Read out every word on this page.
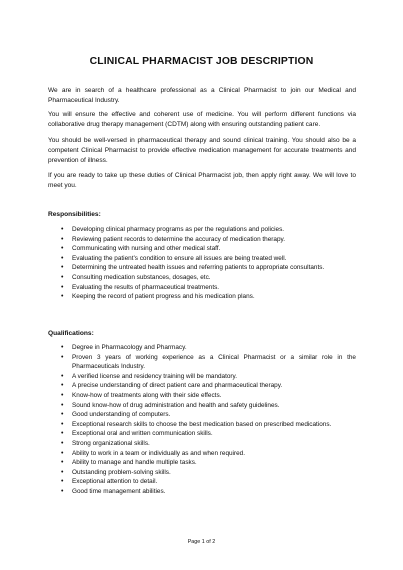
CLINICAL PHARMACIST JOB DESCRIPTION

We are in search of a healthcare professional as a Clinical Pharmacist to join our Medical and Pharmaceutical Industry.

You will ensure the effective and coherent use of medicine. You will perform different functions via collaborative drug therapy management (CDTM) along with ensuring outstanding patient care.

You should be well-versed in pharmaceutical therapy and sound clinical training. You should also be a competent Clinical Pharmacist to provide effective medication management for accurate treatments and prevention of illness.

If you are ready to take up these duties of Clinical Pharmacist job, then apply right away. We will love to meet you.

Responsibilities:

• Developing clinical pharmacy programs as per the regulations and policies.
• Reviewing patient records to determine the accuracy of medication therapy.
• Communicating with nursing and other medical staff.
• Evaluating the patient’s condition to ensure all issues are being treated well.
• Determining the untreated health issues and referring patients to appropriate consultants.
• Consulting medication substances, dosages, etc.
• Evaluating the results of pharmaceutical treatments.
• Keeping the record of patient progress and his medication plans.

Qualifications:

• Degree in Pharmacology and Pharmacy.
• Proven 3 years of working experience as a Clinical Pharmacist or a similar role in the Pharmaceuticals Industry.
• A verified license and residency training will be mandatory.
• A precise understanding of direct patient care and pharmaceutical therapy.
• Know-how of treatments along with their side effects.
• Sound know-how of drug administration and health and safety guidelines.
• Good understanding of computers.
• Exceptional research skills to choose the best medication based on prescribed medications.
• Exceptional oral and written communication skills.
• Strong organizational skills.
• Ability to work in a team or individually as and when required.
• Ability to manage and handle multiple tasks.
• Outstanding problem-solving skills.
• Exceptional attention to detail.
• Good time management abilities.
Page 1 of 2
